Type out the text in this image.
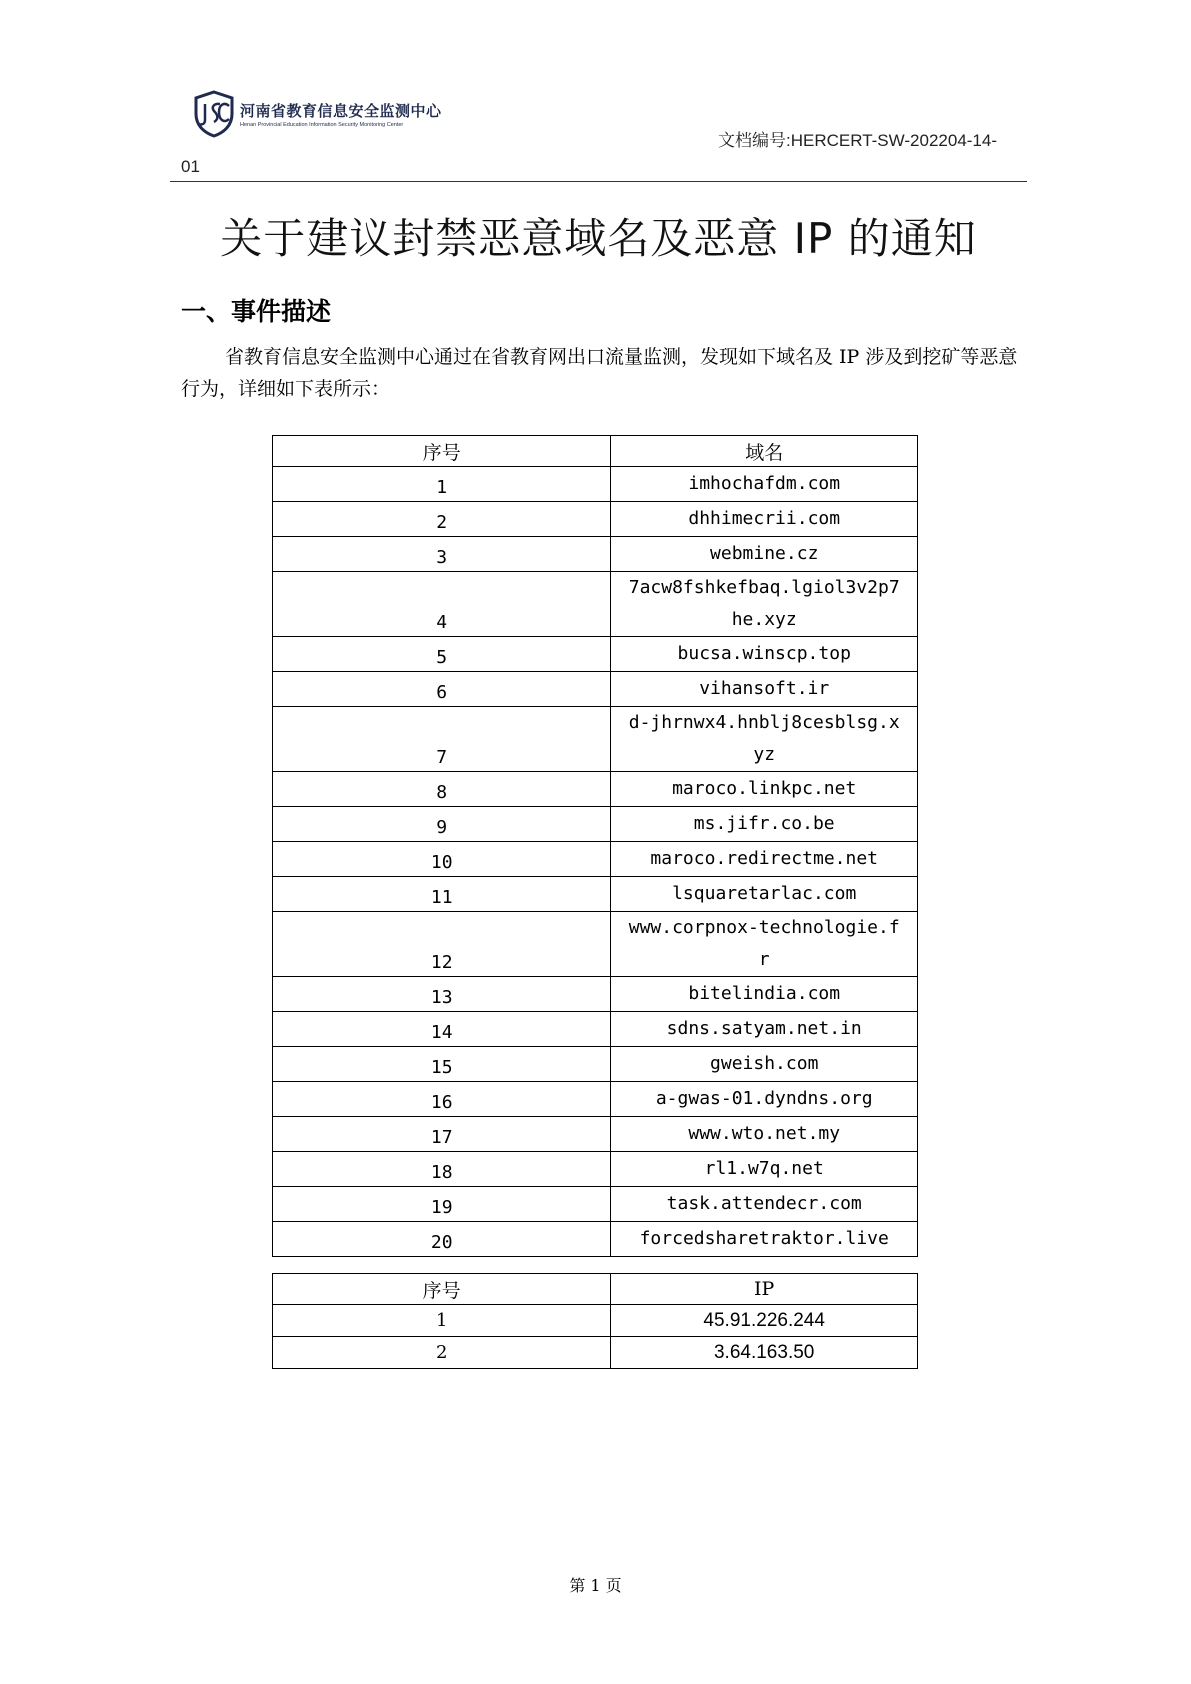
河南省教育信息安全监测中心
Henan Provincial Education Information Security Monitoring Center
文档编号:HERCERT-SW-202204-14-
01
关于建议封禁恶意域名及恶意 IP 的通知
一、事件描述

省教育信息安全监测中心通过在省教育网出口流量监测，发现如下域名及 IP 涉及到挖矿等恶意行为，详细如下表所示：

序号	域名
1	imhochafdm.com
2	dhhimecrii.com
3	webmine.cz
4	7acw8fshkefbaq.lgiol3v2p7he.xyz
5	bucsa.winscp.top
6	vihansoft.ir
7	d-jhrnwx4.hnblj8cesblsg.xyz
8	maroco.linkpc.net
9	ms.jifr.co.be
10	maroco.redirectme.net
11	lsquaretarlac.com
12	www.corpnox-technologie.fr
13	bitelindia.com
14	sdns.satyam.net.in
15	gweish.com
16	a-gwas-01.dyndns.org
17	www.wto.net.my
18	rl1.w7q.net
19	task.attendecr.com
20	forcedsharetraktor.live
序号	IP
1	45.91.226.244
2	3.64.163.50
第 1 页
